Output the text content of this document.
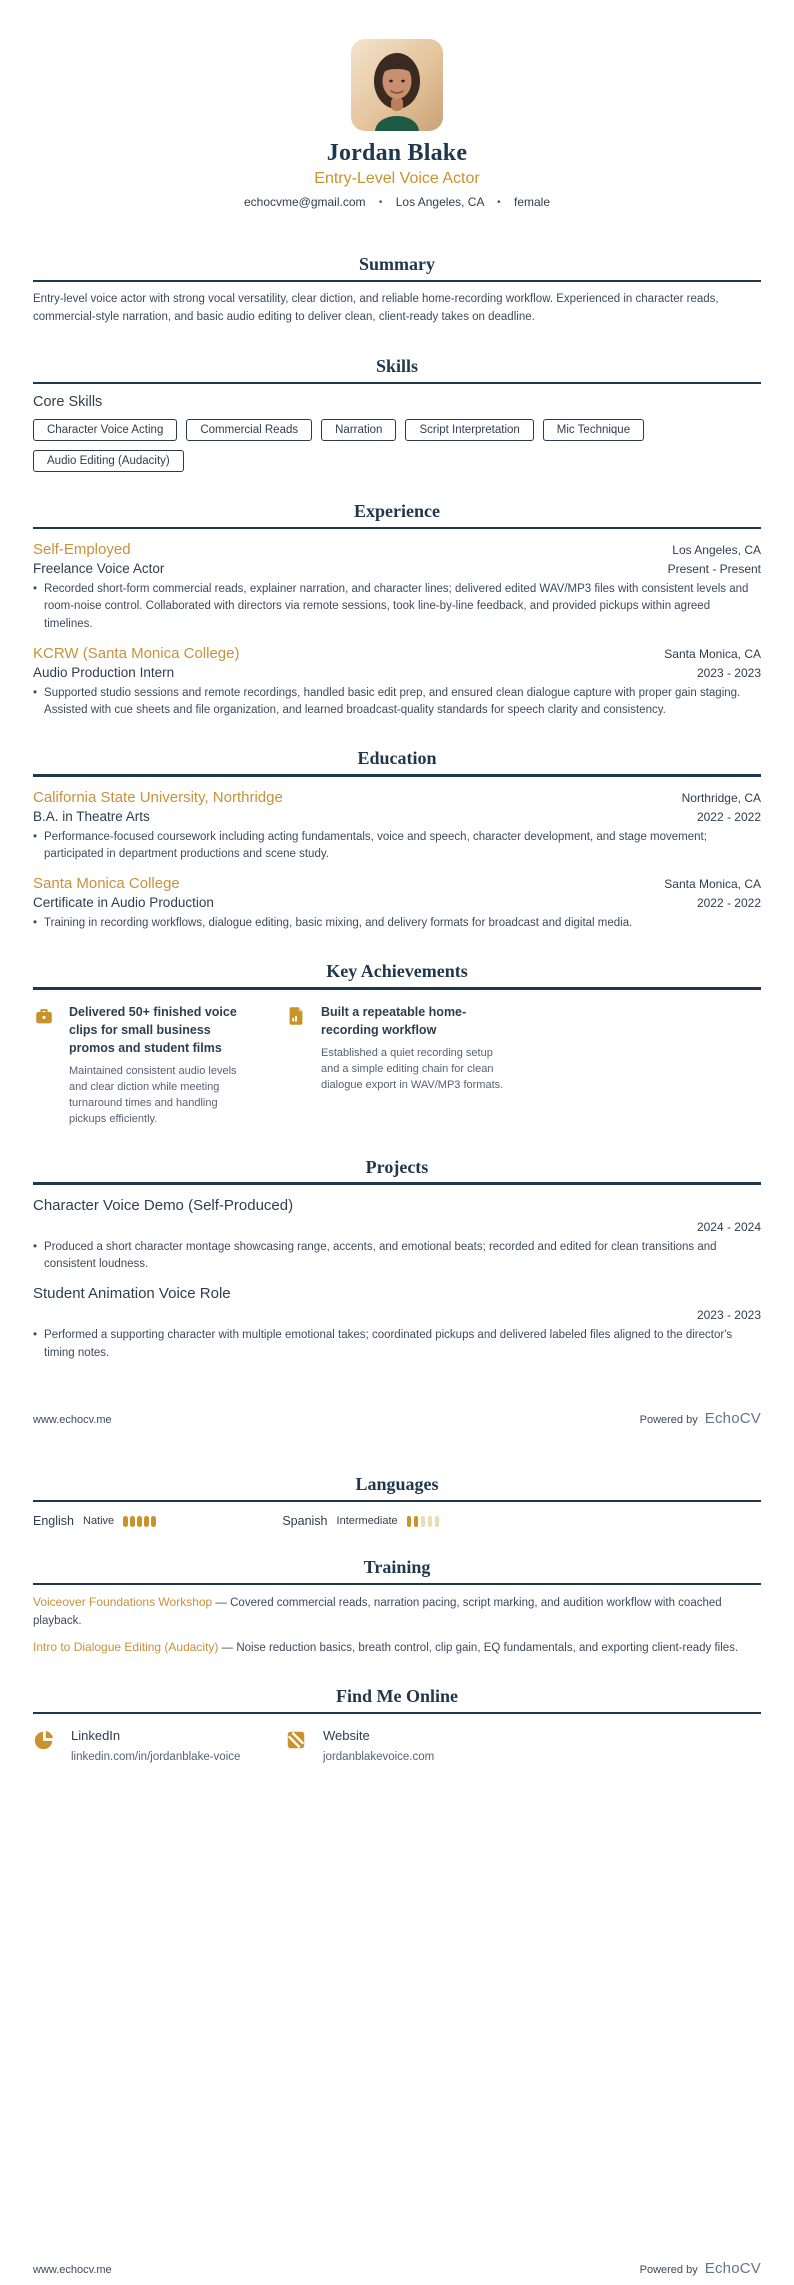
Jordan Blake
Entry-Level Voice Actor
echocvme@gmail.com • Los Angeles, CA • female
Summary
Entry-level voice actor with strong vocal versatility, clear diction, and reliable home-recording workflow. Experienced in character reads, commercial-style narration, and basic audio editing to deliver clean, client-ready takes on deadline.
Skills
Core Skills
Character Voice Acting	Commercial Reads	Narration	Script Interpretation	Mic Technique
Audio Editing (Audacity)
Experience
Self-Employed	Los Angeles, CA
Freelance Voice Actor	Present - Present
• Recorded short-form commercial reads, explainer narration, and character lines; delivered edited WAV/MP3 files with consistent levels and room-noise control. Collaborated with directors via remote sessions, took line-by-line feedback, and provided pickups within agreed timelines.
KCRW (Santa Monica College)	Santa Monica, CA
Audio Production Intern	2023 - 2023
• Supported studio sessions and remote recordings, handled basic edit prep, and ensured clean dialogue capture with proper gain staging. Assisted with cue sheets and file organization, and learned broadcast-quality standards for speech clarity and consistency.
Education
California State University, Northridge	Northridge, CA
B.A. in Theatre Arts	2022 - 2022
• Performance-focused coursework including acting fundamentals, voice and speech, character development, and stage movement; participated in department productions and scene study.
Santa Monica College	Santa Monica, CA
Certificate in Audio Production	2022 - 2022
• Training in recording workflows, dialogue editing, basic mixing, and delivery formats for broadcast and digital media.
Key Achievements
Delivered 50+ finished voice clips for small business promos and student films
Maintained consistent audio levels and clear diction while meeting turnaround times and handling pickups efficiently.
Built a repeatable home-recording workflow
Established a quiet recording setup and a simple editing chain for clean dialogue export in WAV/MP3 formats.
Projects
Character Voice Demo (Self-Produced)
2024 - 2024
• Produced a short character montage showcasing range, accents, and emotional beats; recorded and edited for clean transitions and consistent loudness.
Student Animation Voice Role
2023 - 2023
• Performed a supporting character with multiple emotional takes; coordinated pickups and delivered labeled files aligned to the director's timing notes.
www.echocv.me	Powered by EchoCV
Languages
English Native	Spanish Intermediate
Training
Voiceover Foundations Workshop — Covered commercial reads, narration pacing, script marking, and audition workflow with coached playback.
Intro to Dialogue Editing (Audacity) — Noise reduction basics, breath control, clip gain, EQ fundamentals, and exporting client-ready files.
Find Me Online
LinkedIn
linkedin.com/in/jordanblake-voice
Website
jordanblakevoice.com
www.echocv.me	Powered by EchoCV
